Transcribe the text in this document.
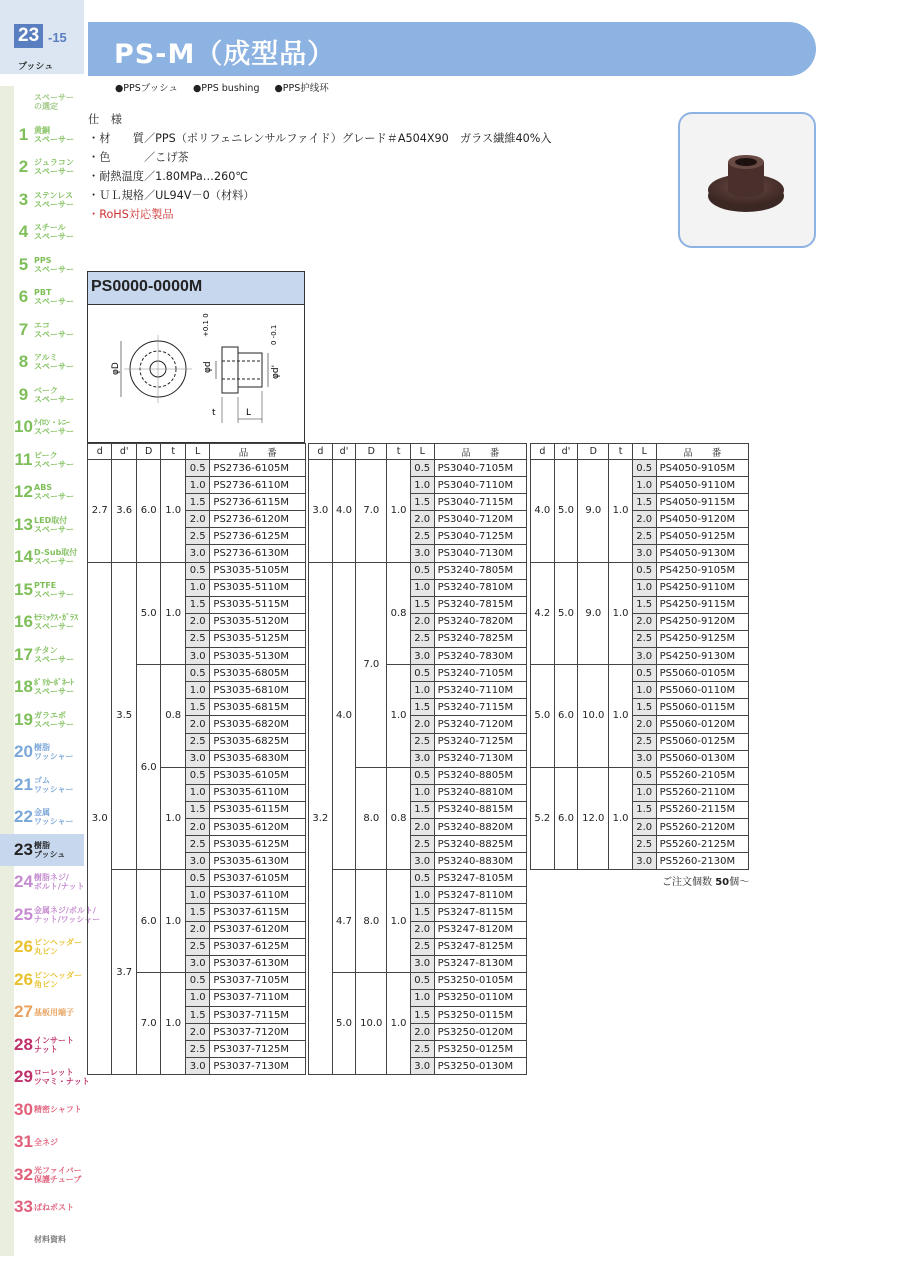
23 -15
ブッシュ PS-M（成型品）
●PPSブッシュ ●PPS bushing ●PPS护线环
スペーサー
の選定
1 黄銅
スペーサー
2 ジュラコン
スペーサー
3 ステンレス
スペーサー
4 スチール
スペーサー
5 PPS
スペーサー
6 PBT
スペーサー
7 エコ
スペーサー
8 アルミ
スペーサー
9 ベーク
スペーサー
10 ﾅｲﾛﾝ・ﾚﾆｰ
スペーサー
11 ピーク
スペーサー
12 ABS
スペーサー
13 LED取付
スペーサー
14 D-Sub取付
スペーサー
15 PTFE
スペーサー
16 ｾﾗﾐｯｸｽ･ｶﾞﾗｽ
スペーサー
17 チタン
スペーサー
18 ﾎﾟﾘｶｰﾎﾞﾈｰﾄ
スペーサー
19 ガラエポ
スペーサー
20 樹脂
ワッシャー
21 ゴム
ワッシャー
22 金属
ワッシャー
23 樹脂
ブッシュ
24 樹脂ネジ/
ボルト/ナット
25 金属ネジ/ボルト/
ナット/ワッシャー
26 ピンヘッダー
丸ピン
26 ピンヘッダー
角ピン
27 基板用端子
28 インサート
ナット
29 ローレット
ツマミ・ナット
30 精密シャフト
31 全ネジ
32 光ファイバー
保護チューブ
33 ばねポスト
材料資料
仕 様
・材　　質／PPS（ポリフェニレンサルファイド）グレード＃A504X90　ガラス繊維40%入
・色　　　／こげ茶
・耐熱温度／1.80MPa…260℃
・ＵＬ規格／UL94V－0（材料）
・RoHS対応製品
PS0000-0000M
φD	φd	φd'
t	L
+0.1 0	0 -0.1
d	d'	D	t	L	品　　番
2.7	3.6	6.0	1.0	0.5	PS2736-6105M
				1.0	PS2736-6110M
				1.5	PS2736-6115M
				2.0	PS2736-6120M
				2.5	PS2736-6125M
				3.0	PS2736-6130M
3.0	3.5	5.0	1.0	0.5	PS3035-5105M
				1.0	PS3035-5110M
				1.5	PS3035-5115M
				2.0	PS3035-5120M
				2.5	PS3035-5125M
				3.0	PS3035-5130M
		6.0	0.8	0.5	PS3035-6805M
				1.0	PS3035-6810M
				1.5	PS3035-6815M
				2.0	PS3035-6820M
				2.5	PS3035-6825M
				3.0	PS3035-6830M
			1.0	0.5	PS3035-6105M
				1.0	PS3035-6110M
				1.5	PS3035-6115M
				2.0	PS3035-6120M
				2.5	PS3035-6125M
				3.0	PS3035-6130M
	3.7	6.0	1.0	0.5	PS3037-6105M
				1.0	PS3037-6110M
				1.5	PS3037-6115M
				2.0	PS3037-6120M
				2.5	PS3037-6125M
				3.0	PS3037-6130M
		7.0	1.0	0.5	PS3037-7105M
				1.0	PS3037-7110M
				1.5	PS3037-7115M
				2.0	PS3037-7120M
				2.5	PS3037-7125M
				3.0	PS3037-7130M
d	d'	D	t	L	品　　番
3.0	4.0	7.0	1.0	0.5	PS3040-7105M
				1.0	PS3040-7110M
				1.5	PS3040-7115M
				2.0	PS3040-7120M
				2.5	PS3040-7125M
				3.0	PS3040-7130M
3.2	4.0	7.0	0.8	0.5	PS3240-7805M
				1.0	PS3240-7810M
				1.5	PS3240-7815M
				2.0	PS3240-7820M
				2.5	PS3240-7825M
				3.0	PS3240-7830M
			1.0	0.5	PS3240-7105M
				1.0	PS3240-7110M
				1.5	PS3240-7115M
				2.0	PS3240-7120M
				2.5	PS3240-7125M
				3.0	PS3240-7130M
		8.0	0.8	0.5	PS3240-8805M
				1.0	PS3240-8810M
				1.5	PS3240-8815M
				2.0	PS3240-8820M
				2.5	PS3240-8825M
				3.0	PS3240-8830M
	4.7	8.0	1.0	0.5	PS3247-8105M
				1.0	PS3247-8110M
				1.5	PS3247-8115M
				2.0	PS3247-8120M
				2.5	PS3247-8125M
				3.0	PS3247-8130M
	5.0	10.0	1.0	0.5	PS3250-0105M
				1.0	PS3250-0110M
				1.5	PS3250-0115M
				2.0	PS3250-0120M
				2.5	PS3250-0125M
				3.0	PS3250-0130M
d	d'	D	t	L	品　　番
4.0	5.0	9.0	1.0	0.5	PS4050-9105M
				1.0	PS4050-9110M
				1.5	PS4050-9115M
				2.0	PS4050-9120M
				2.5	PS4050-9125M
				3.0	PS4050-9130M
4.2	5.0	9.0	1.0	0.5	PS4250-9105M
				1.0	PS4250-9110M
				1.5	PS4250-9115M
				2.0	PS4250-9120M
				2.5	PS4250-9125M
				3.0	PS4250-9130M
5.0	6.0	10.0	1.0	0.5	PS5060-0105M
				1.0	PS5060-0110M
				1.5	PS5060-0115M
				2.0	PS5060-0120M
				2.5	PS5060-0125M
				3.0	PS5060-0130M
5.2	6.0	12.0	1.0	0.5	PS5260-2105M
				1.0	PS5260-2110M
				1.5	PS5260-2115M
				2.0	PS5260-2120M
				2.5	PS5260-2125M
				3.0	PS5260-2130M
ご注文個数 50個～
